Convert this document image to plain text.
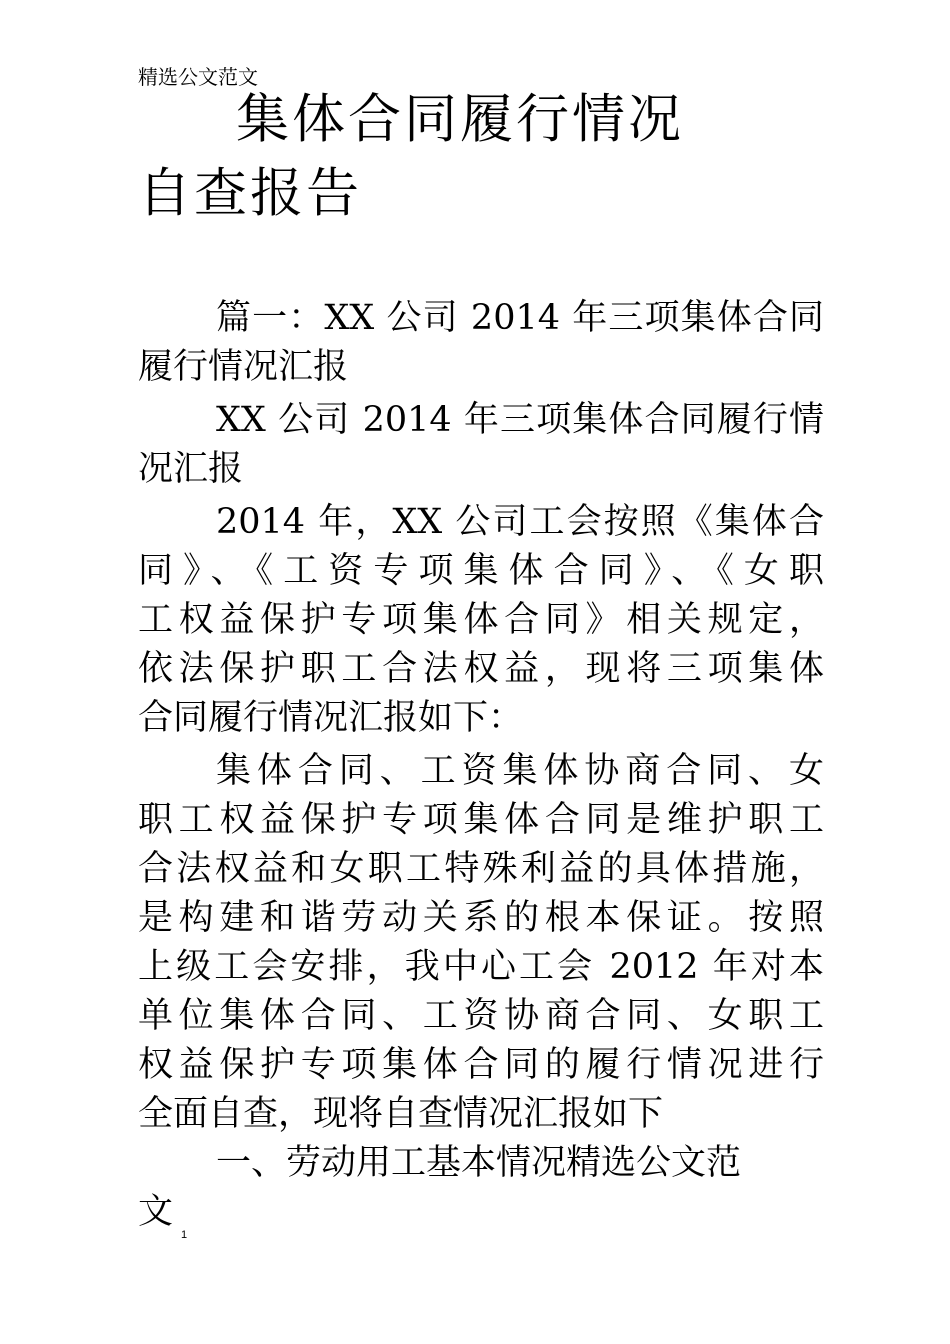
精选公文范文
集体合同履行情况
自查报告
篇一：XX 公司 2014 年三项集体合同
履行情况汇报
XX 公司 2014 年三项集体合同履行情
况汇报
2014 年，XX 公司工会按照《集体合
同》、《工资专项集体合同》、《女职
工权益保护专项集体合同》相关规定，
依法保护职工合法权益，现将三项集体
合同履行情况汇报如下：
集体合同、工资集体协商合同、女
职工权益保护专项集体合同是维护职工
合法权益和女职工特殊利益的具体措施，
是构建和谐劳动关系的根本保证。按照
上级工会安排，我中心工会 2012 年对本
单位集体合同、工资协商合同、女职工
权益保护专项集体合同的履行情况进行
全面自查，现将自查情况汇报如下
一、劳动用工基本情况精选公文范
文
1
